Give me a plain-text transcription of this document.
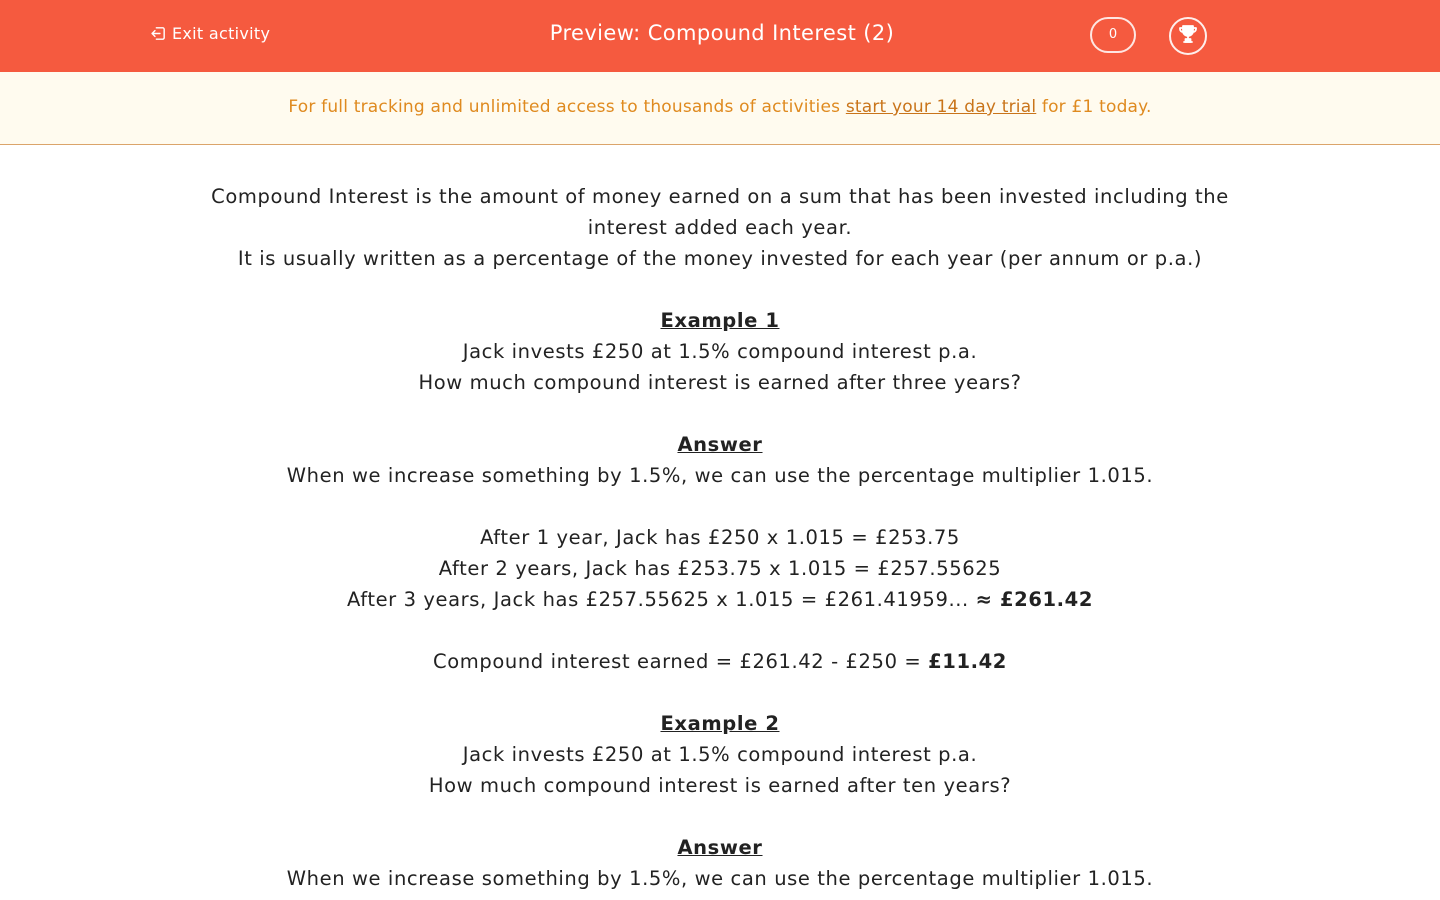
Exit activity	Preview: Compound Interest (2)	0
For full tracking and unlimited access to thousands of activities start your 14 day trial for £1 today.

Compound Interest is the amount of money earned on a sum that has been invested including the interest added each year.

It is usually written as a percentage of the money invested for each year (per annum or p.a.)

Example 1

Jack invests £250 at 1.5% compound interest p.a.

How much compound interest is earned after three years?

Answer

When we increase something by 1.5%, we can use the percentage multiplier 1.015.

After 1 year, Jack has £250 x 1.015 = £253.75

After 2 years, Jack has £253.75 x 1.015 = £257.55625

After 3 years, Jack has £257.55625 x 1.015 = £261.41959... ≈ £261.42

Compound interest earned = £261.42 - £250 = £11.42

Example 2

Jack invests £250 at 1.5% compound interest p.a.

How much compound interest is earned after ten years?

Answer

When we increase something by 1.5%, we can use the percentage multiplier 1.015.
